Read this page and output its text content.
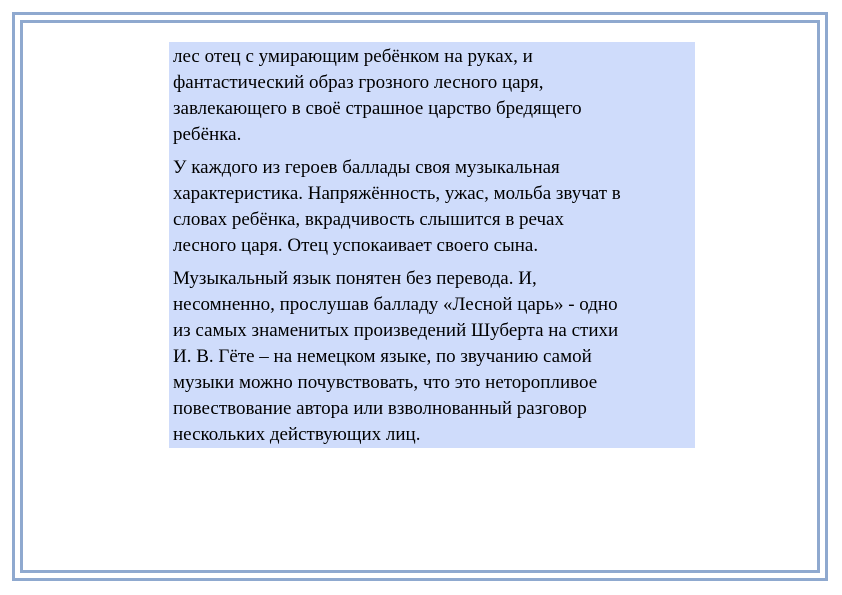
лес отец с умирающим ребёнком на руках, и
фантастический образ грозного лесного царя,
завлекающего в своё страшное царство бредящего
ребёнка.

У каждого из героев баллады своя музыкальная
характеристика. Напряжённость, ужас, мольба звучат в
словах ребёнка, вкрадчивость слышится в речах
лесного царя. Отец успокаивает своего сына.

Музыкальный язык понятен без перевода. И,
несомненно, прослушав балладу «Лесной царь» - одно
из самых знаменитых произведений Шуберта на стихи
И. В. Гёте – на немецком языке, по звучанию самой
музыки можно почувствовать, что это неторопливое
повествование автора или взволнованный разговор
нескольких действующих лиц.
